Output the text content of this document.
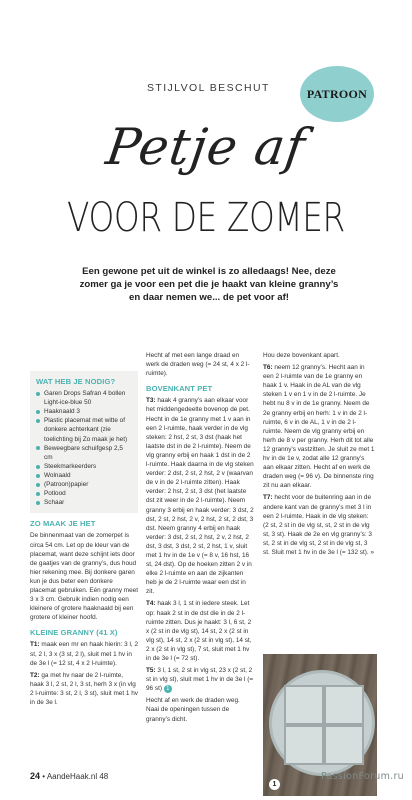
STIJLVOL BESCHUT	PATROON
Petje af
VOOR DE ZOMER
Een gewone pet uit de winkel is zo alledaags! Nee, deze zomer ga je voor een pet die je haakt van kleine granny’s en daar nemen we... de pet voor af!
WAT HEB JE NODIG?
Garen Drops Safran 4 bollen Light-ice-blue 50
Haaknaald 3
Plastic placemat met witte of donkere achterkant (zie toelichting bij Zo maak je het)
Beweegbare schuifgesp 2,5 cm
Steekmarkeerders
Wolnaald
(Patroon)papier
Potlood
Schaar
ZO MAAK JE HET

De binnenmaat van de zomerpet is circa 54 cm. Let op de kleur van de placemat, want deze schijnt iets door de gaatjes van de granny’s, dus houd hier rekening mee. Bij donkere garen kun je dus beter een donkere placemat gebruiken. Eén granny meet 3 x 3 cm. Gebruik indien nodig een kleinere of grotere haaknaald bij een grotere of kleiner hoofd.

KLEINE GRANNY (41 X)

T1: maak een mr en haak hierin: 3 l, 2 st, 2 l, 3 x (3 st, 2 l), sluit met 1 hv in de 3e l (= 12 st, 4 x 2 l-ruimte).

T2: ga met hv naar de 2 l-ruimte, haak 3 l, 2 st, 2 l, 3 st, herh 3 x (in vlg 2 l-ruimte: 3 st, 2 l, 3 st), sluit met 1 hv in de 3e l.

Hecht af met een lange draad en werk de draden weg (= 24 st, 4 x 2 l-ruimte).

BOVENKANT PET

T3: haak 4 granny’s aan elkaar voor het middengedeelte bovenop de pet. Hecht in de 1e granny met 1 v aan in een 2 l-ruimte, haak verder in de vlg steken: 2 hst, 2 st, 3 dst (haak het laatste dst in de 2 l-ruimte). Neem de vlg granny erbij en haak 1 dst in de 2 l-ruimte. Haak daarna in de vlg steken verder: 2 dst, 2 st, 2 hst, 2 v (waarvan de v in de 2 l-ruimte zitten). Haak verder: 2 hst, 2 st, 3 dst (het laatste dst zit weer in de 2 l-ruimte). Neem granny 3 erbij en haak verder: 3 dst, 2 dst, 2 st, 2 hst, 2 v, 2 hst, 2 st, 2 dst, 3 dst. Neem granny 4 erbij en haak verder: 3 dst, 2 st, 2 hst, 2 v, 2 hst, 2 dst, 3 dst, 3 dst, 2 st, 2 hst, 1 v, sluit met 1 hv in de 1e v (= 8 v, 16 hst, 16 st, 24 dst). Op de hoeken zitten 2 v in elke 2 l-ruimte en aan de zijkanten heb je de 2 l-ruimte waar een dst in zit.

T4: haak 3 l, 1 st in iedere steek. Let op: haak 2 st in de dst die in de 2 l-ruimte zitten. Dus je haakt: 3 l, 6 st, 2 x (2 st in de vlg st), 14 st, 2 x (2 st in vlg st), 14 st, 2 x (2 st in vlg st), 14 st, 2 x (2 st in vlg st), 7 st, sluit met 1 hv in de 3e l (= 72 st).

T5: 3 l, 1 st, 2 st in vlg st, 23 x (2 st, 2 st in vlg st), sluit met 1 hv in de 3e l (= 96 st) 1

Hecht af en werk de draden weg. Naai de openingen tussen de granny’s dicht.

Hou deze bovenkant apart.

T6: neem 12 granny’s. Hecht aan in een 2 l-ruimte van de 1e granny en haak 1 v. Haak in de AL van de vlg steken 1 v en 1 v in de 2 l-ruimte. Je hebt nu 8 v in de 1e granny. Neem de 2e granny erbij en herh: 1 v in de 2 l-ruimte, 6 v in de AL, 1 v in de 2 l-ruimte. Neem de vlg granny erbij en herh de 8 v per granny. Herh dit tot alle 12 granny’s vastzitten. Je sluit ze met 1 hv in de 1e v, zodat alle 12 granny’s aan elkaar zitten. Hecht af en werk de draden weg (= 96 v). De binnenste ring zit nu aan elkaar.

T7: hecht voor de buitenring aan in de andere kant van de granny’s met 3 l in een 2 l-ruimte. Haak in de vlg steken: (2 st, 2 st in de vlg st, st, 2 st in de vlg st, 3 st). Haak de 2e en vlg granny’s: 3 st, 2 st in de vlg st, 2 st in de vlg st, 3 st. Sluit met 1 hv in de 3e l (= 132 st). »

1
24 • AandeHaak.nl 48	PassionForum.ru
